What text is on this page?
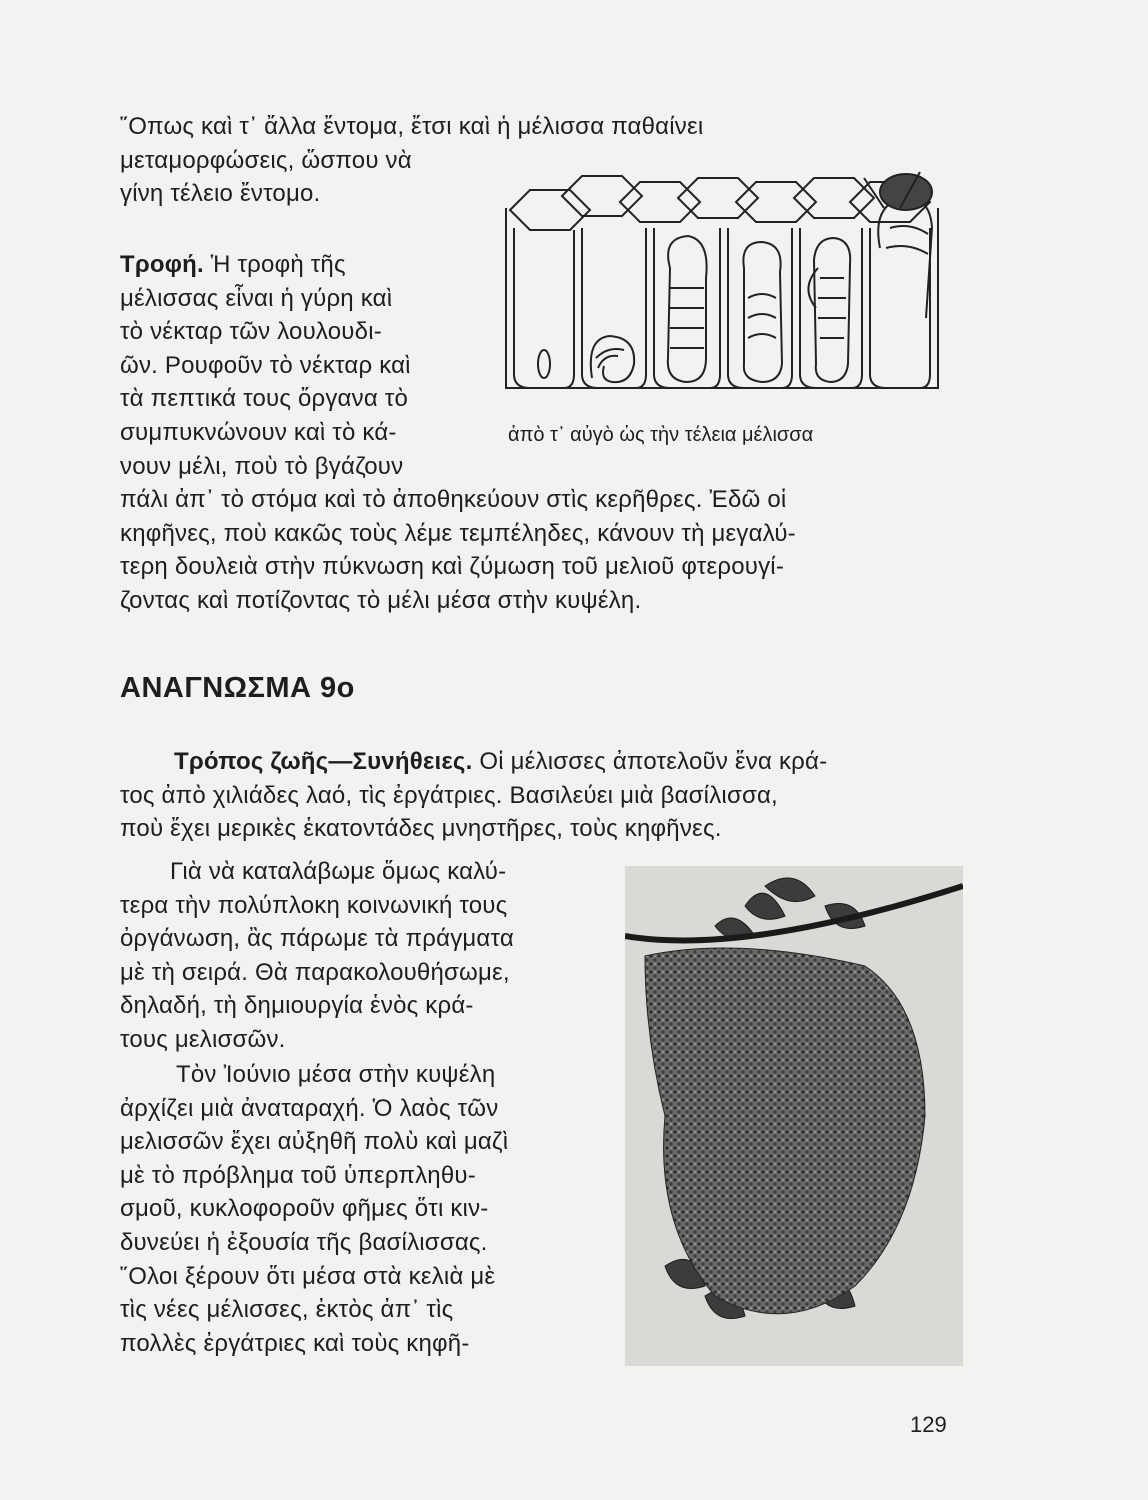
῞Οπως καὶ τ᾽ ἄλλα ἔντομα, ἔτσι καὶ ἡ μέλισσα παθαίνει
μεταμορφώσεις, ὥσπου νὰ
γίνη τέλειο ἔντομο.
Τροφή. Ἡ τροφὴ τῆς
μέλισσας εἶναι ἡ γύρη καὶ
τὸ νέκταρ τῶν λουλουδι-
ῶν. Ρουφοῦν τὸ νέκταρ καὶ
τὰ πεπτικά τους ὄργανα τὸ
συμπυκνώνουν καὶ τὸ κά-
νουν μέλι, ποὺ τὸ βγάζουν
πάλι ἀπ᾽ τὸ στόμα καὶ τὸ ἀποθηκεύουν στὶς κερῆθρες. Ἐδῶ οἱ
κηφῆνες, ποὺ κακῶς τοὺς λέμε τεμπέληδες, κάνουν τὴ μεγαλύ-
τερη δουλειὰ στὴν πύκνωση καὶ ζύμωση τοῦ μελιοῦ φτερουγί-
ζοντας καὶ ποτίζοντας τὸ μέλι μέσα στὴν κυψέλη.
ἀπὸ τ᾽ αὐγὸ ὡς τὴν τέλεια μέλισσα
ΑΝΑΓΝΩΣΜΑ 9ο
Τρόπος ζωῆς—Συνήθειες. Οἱ μέλισσες ἀποτελοῦν ἕνα κρά-
τος ἀπὸ χιλιάδες λαό, τὶς ἐργάτριες. Βασιλεύει μιὰ βασίλισσα,
ποὺ ἔχει μερικὲς ἑκατοντάδες μνηστῆρες, τοὺς κηφῆνες.
Γιὰ νὰ καταλάβωμε ὅμως καλύ-
τερα τὴν πολύπλοκη κοινωνική τους
ὀργάνωση, ἂς πάρωμε τὰ πράγματα
μὲ τὴ σειρά. Θὰ παρακολουθήσωμε,
δηλαδή, τὴ δημιουργία ἑνὸς κρά-
τους μελισσῶν.
Τὸν Ἰούνιο μέσα στὴν κυψέλη
ἀρχίζει μιὰ ἀναταραχή. Ὁ λαὸς τῶν
μελισσῶν ἔχει αὐξηθῆ πολὺ καὶ μαζὶ
μὲ τὸ πρόβλημα τοῦ ὑπερπληθυ-
σμοῦ, κυκλοφοροῦν φῆμες ὅτι κιν-
δυνεύει ἡ ἐξουσία τῆς βασίλισσας.
῞Ολοι ξέρουν ὅτι μέσα στὰ κελιὰ μὲ
τὶς νέες μέλισσες, ἐκτὸς ἀπ᾽ τὶς
πολλὲς ἐργάτριες καὶ τοὺς κηφῆ-
129
